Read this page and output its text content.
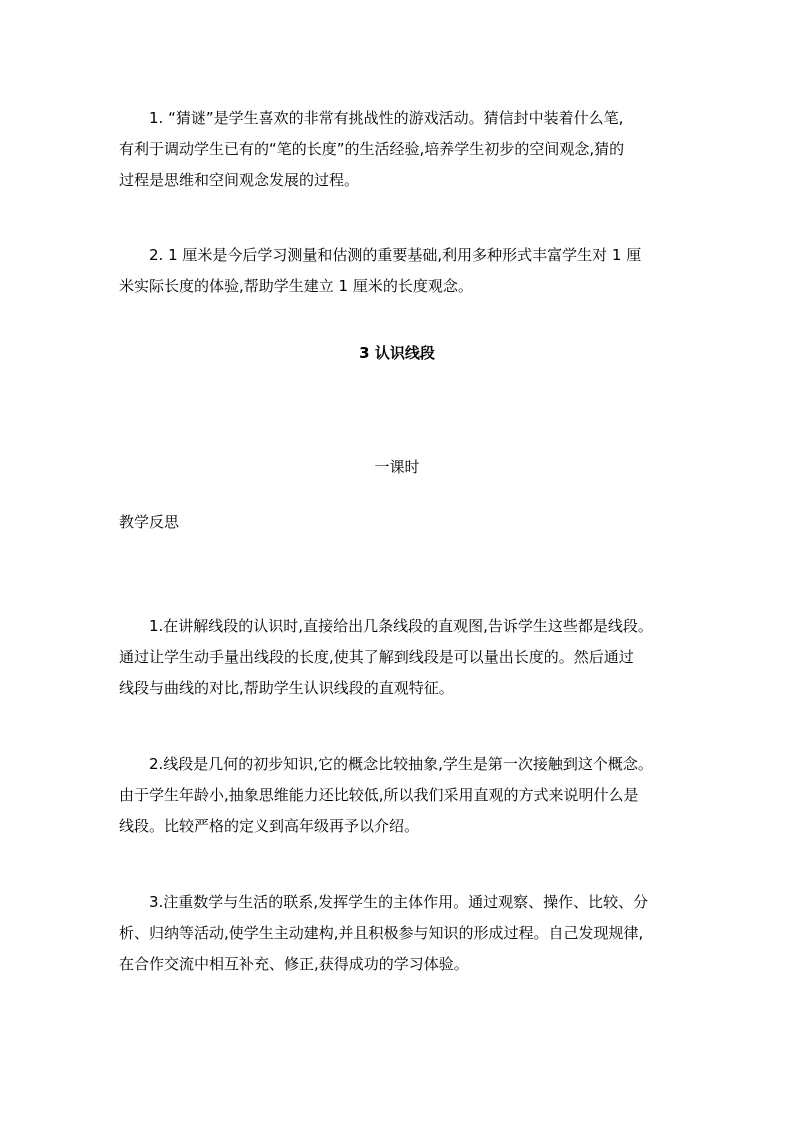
1. “猜谜”是学生喜欢的非常有挑战性的游戏活动。猜信封中装着什么笔,
有利于调动学生已有的“笔的长度”的生活经验,培养学生初步的空间观念,猜的
过程是思维和空间观念发展的过程。

2. 1 厘米是今后学习测量和估测的重要基础,利用多种形式丰富学生对 1 厘
米实际长度的体验,帮助学生建立 1 厘米的长度观念。

3 认识线段

一课时

教学反思

1.在讲解线段的认识时,直接给出几条线段的直观图,告诉学生这些都是线段。
通过让学生动手量出线段的长度,使其了解到线段是可以量出长度的。然后通过
线段与曲线的对比,帮助学生认识线段的直观特征。

2.线段是几何的初步知识,它的概念比较抽象,学生是第一次接触到这个概念。
由于学生年龄小,抽象思维能力还比较低,所以我们采用直观的方式来说明什么是
线段。比较严格的定义到高年级再予以介绍。

3.注重数学与生活的联系,发挥学生的主体作用。通过观察、操作、比较、分
析、归纳等活动,使学生主动建构,并且积极参与知识的形成过程。自己发现规律,
在合作交流中相互补充、修正,获得成功的学习体验。
